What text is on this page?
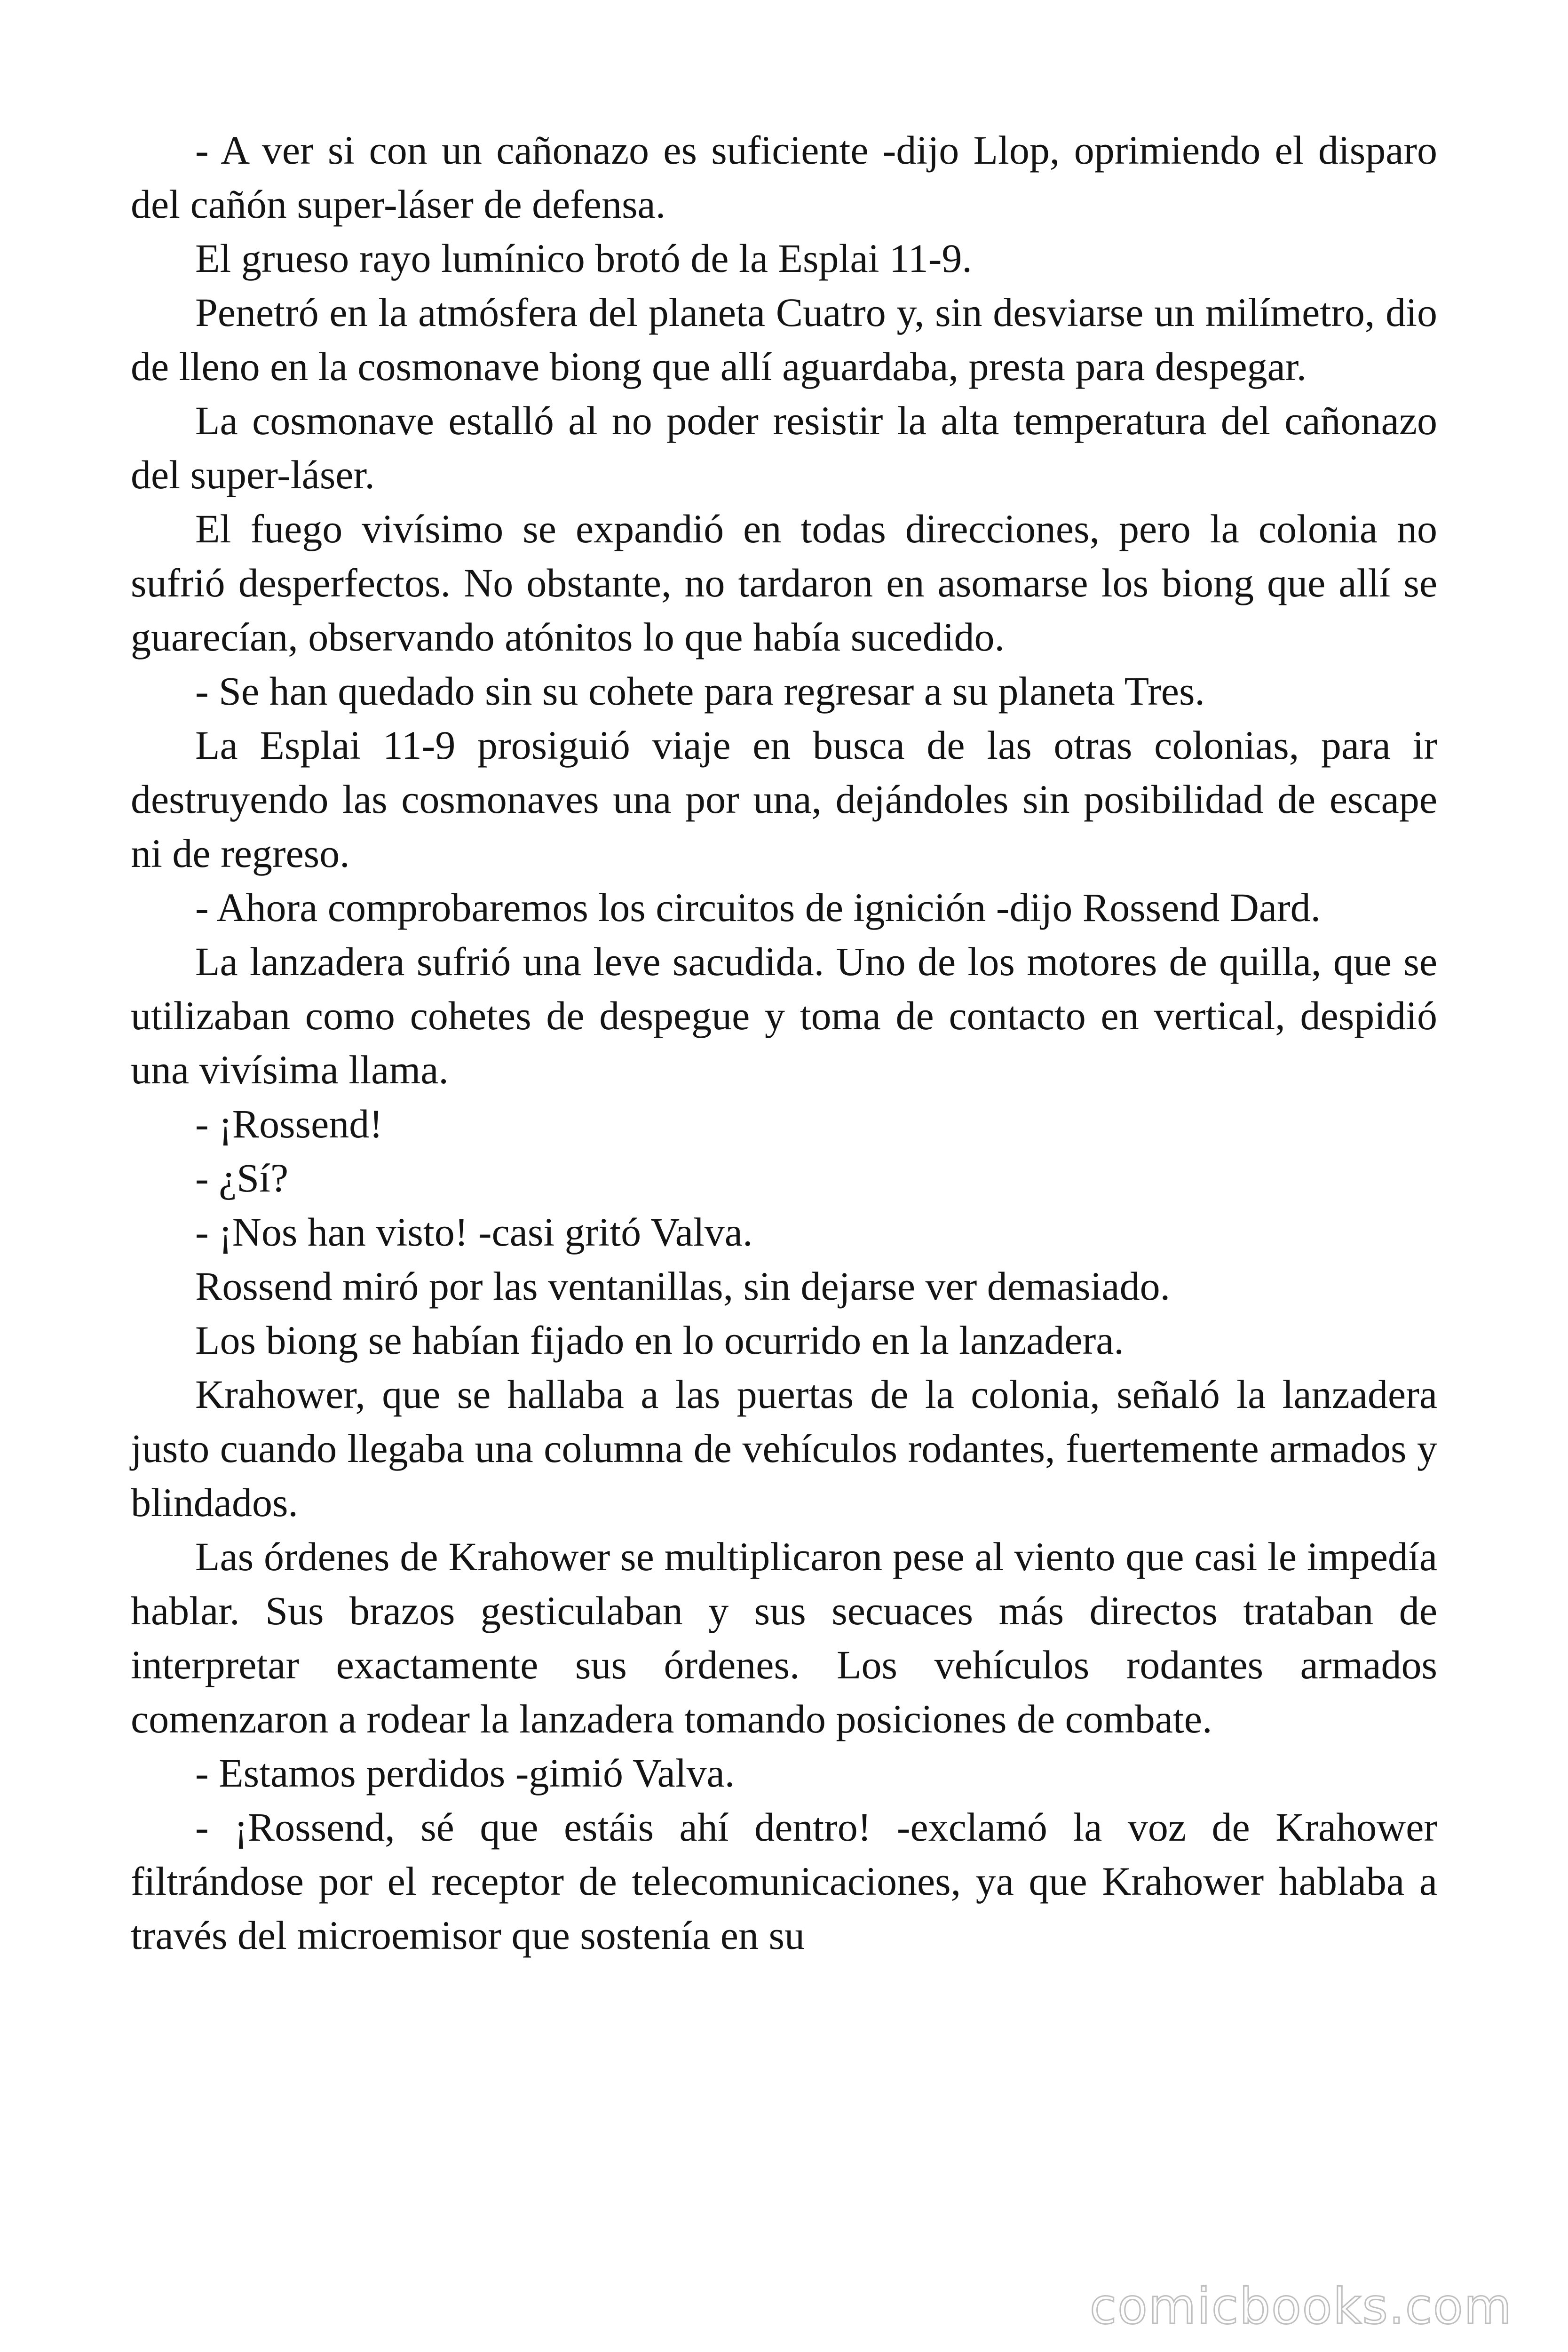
- A ver si con un cañonazo es suficiente -dijo Llop, oprimiendo el disparo del cañón super-láser de defensa.

El grueso rayo lumínico brotó de la Esplai 11-9.

Penetró en la atmósfera del planeta Cuatro y, sin desviarse un milímetro, dio de lleno en la cosmonave biong que allí aguardaba, presta para despegar.

La cosmonave estalló al no poder resistir la alta temperatura del cañonazo del super-láser.

El fuego vivísimo se expandió en todas direcciones, pero la colonia no sufrió desperfectos. No obstante, no tardaron en asomarse los biong que allí se guarecían, observando atónitos lo que había sucedido.

- Se han quedado sin su cohete para regresar a su planeta Tres.

La Esplai 11-9 prosiguió viaje en busca de las otras colonias, para ir destruyendo las cosmonaves una por una, dejándoles sin posibilidad de escape ni de regreso.

- Ahora comprobaremos los circuitos de ignición -dijo Rossend Dard.

La lanzadera sufrió una leve sacudida. Uno de los motores de quilla, que se utilizaban como cohetes de despegue y toma de contacto en vertical, despidió una vivísima llama.

- ¡Rossend!

- ¿Sí?

- ¡Nos han visto! -casi gritó Valva.

Rossend miró por las ventanillas, sin dejarse ver demasiado.

Los biong se habían fijado en lo ocurrido en la lanzadera.

Krahower, que se hallaba a las puertas de la colonia, señaló la lanzadera justo cuando llegaba una columna de vehículos rodantes, fuertemente armados y blindados.

Las órdenes de Krahower se multiplicaron pese al viento que casi le impedía hablar. Sus brazos gesticulaban y sus secuaces más directos trataban de interpretar exactamente sus órdenes. Los vehículos rodantes armados comenzaron a rodear la lanzadera tomando posiciones de combate.

- Estamos perdidos -gimió Valva.

- ¡Rossend, sé que estáis ahí dentro! -exclamó la voz de Krahower filtrándose por el receptor de telecomunicaciones, ya que Krahower hablaba a través del microemisor que sostenía en su

comicbooks.com
